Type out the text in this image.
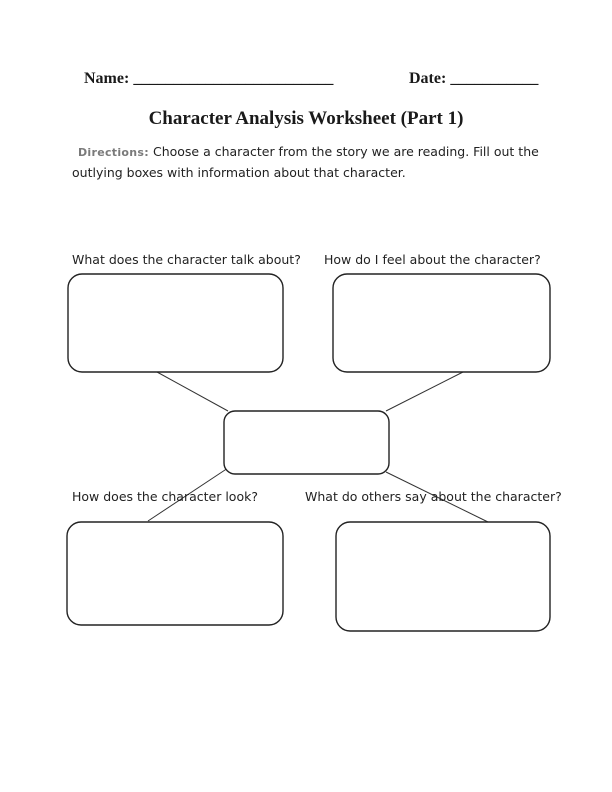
Name: _________________________	Date: ___________
Character Analysis Worksheet (Part 1)
Directions: Choose a character from the story we are reading. Fill out the outlying boxes with information about that character.
What does the character talk about? How do I feel about the character?
How does the character look?	What do others say about the character?
